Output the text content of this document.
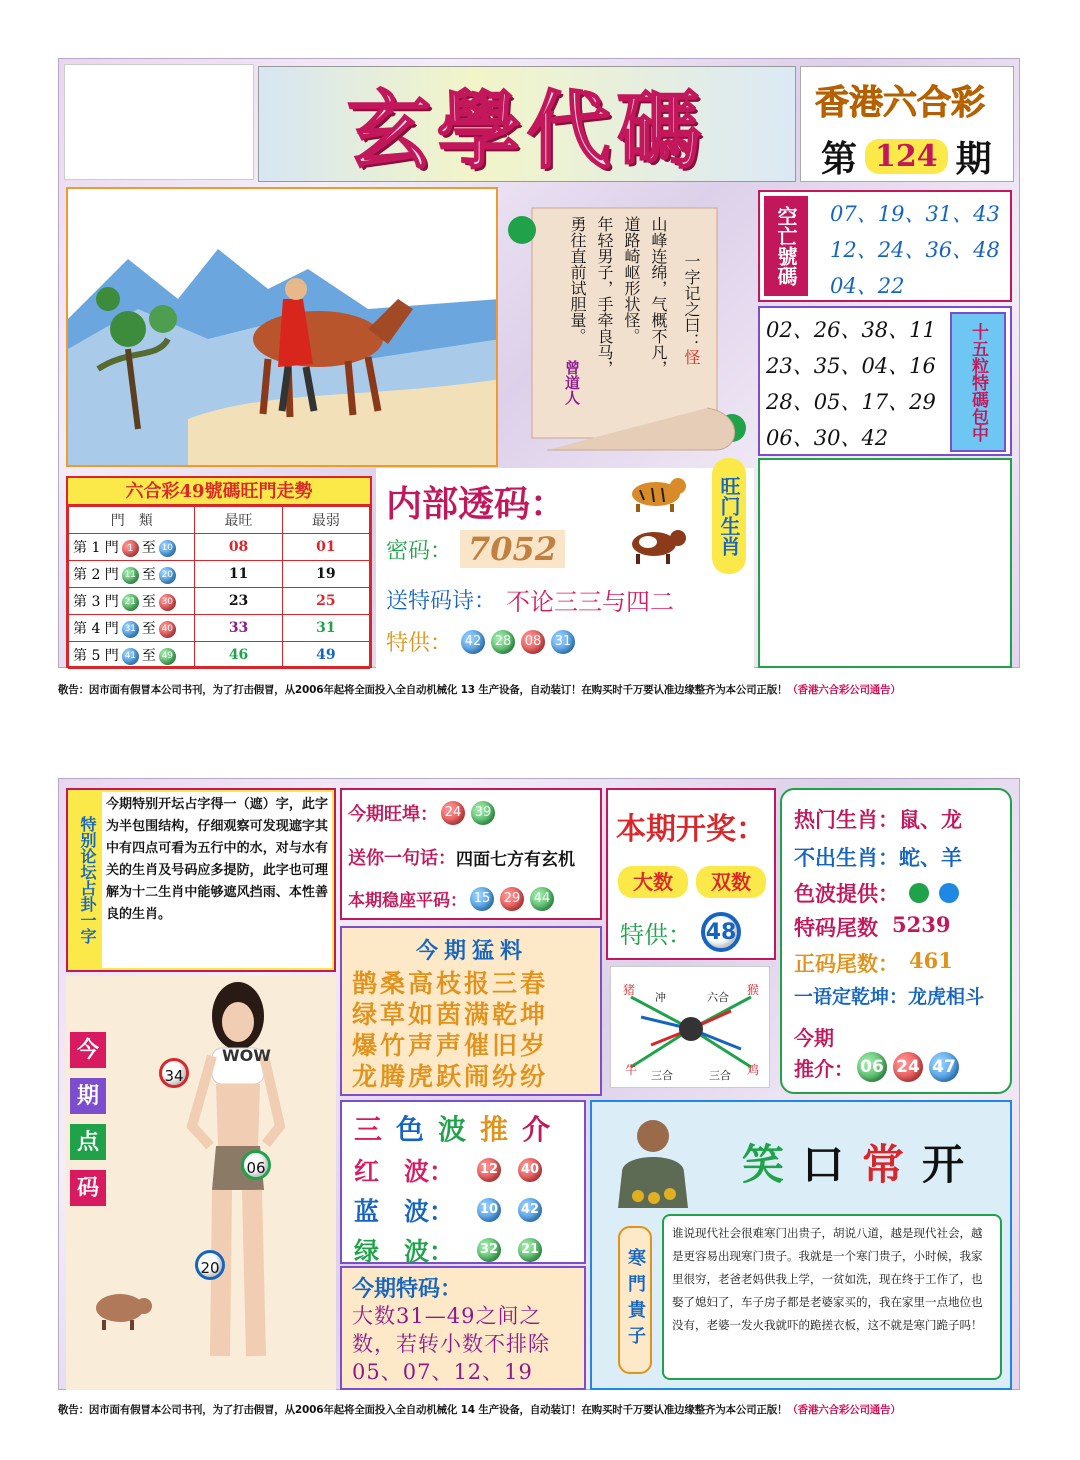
玄學代碼	香港六合彩
第 124 期
一字记之曰：怪
山峰连绵，气概不凡，
道路崎岖形状怪。
年轻男子，手牵良马，
勇往直前试胆量。
曾道人
空亡號碼	07、19、31、43
12、24、36、48
04、22
02、26、38、11
23、35、04、16
28、05、17、29
06、30、42	十五粒特碼包中
六合彩49號碼旺門走勢
門　類	最旺	最弱
第 1 門 1 至 10	08	01
第 2 門 11 至 20	11	19
第 3 門 21 至 30	23	25
第 4 門 31 至 40	33	31
第 5 門 41 至 49	46	49
内部透码：
密码： 7052
送特码诗： 不论三三与四二
特供： 42 28 08 31
旺门生肖
敬告：因市面有假冒本公司书刊，为了打击假冒，从2006年起将全面投入全自动机械化 13 生产设备，自动装订！在购买时千万要认准边缘整齐为本公司正版！（香港六合彩公司通告）
特别论坛占卦一字
今期特别开坛占字得一（遮）字，此字为半包围结构，仔细观察可发现遮字其中有四点可看为五行中的水，对与水有关的生肖及号码应多提防，此字也可理解为十二生肖中能够遮风挡雨、本性善良的生肖。
今
期
点
码
WOW
34
06
20
今期旺埠： 24 39
送你一句话： 四面七方有玄机
本期稳座平码： 15 29 44
本期开奖：
大数	双数
特供： 48
猪
冲	六合
猴
牛 三合	三合 鸡
热门生肖：鼠、龙
不出生肖：蛇、羊
色波提供：
特码尾数 5239
正码尾数： 461
一语定乾坤：龙虎相斗
今期
推介： 06 24 47
今期猛料
鹊桑高枝报三春
绿草如茵满乾坤
爆竹声声催旧岁
龙腾虎跃闹纷纷
三 色 波 推 介
红　波：	12 40
蓝　波：	10 42
绿　波：	32 21
今期特码：
大数31—49之间之数，若转小数不排除05、07、12、19
笑 口 常 开
寒門貴子
谁说现代社会很难寒门出贵子，胡说八道，越是现代社会，越是更容易出现寒门贵子。我就是一个寒门贵子，小时候，我家里很穷，老爸老妈供我上学，一贫如洗，现在终于工作了，也娶了媳妇了，车子房子都是老婆家买的，我在家里一点地位也没有，老婆一发火我就吓的跪搓衣板，这不就是寒门跪子吗！
敬告：因市面有假冒本公司书刊，为了打击假冒，从2006年起将全面投入全自动机械化 14 生产设备，自动装订！在购买时千万要认准边缘整齐为本公司正版！（香港六合彩公司通告）
